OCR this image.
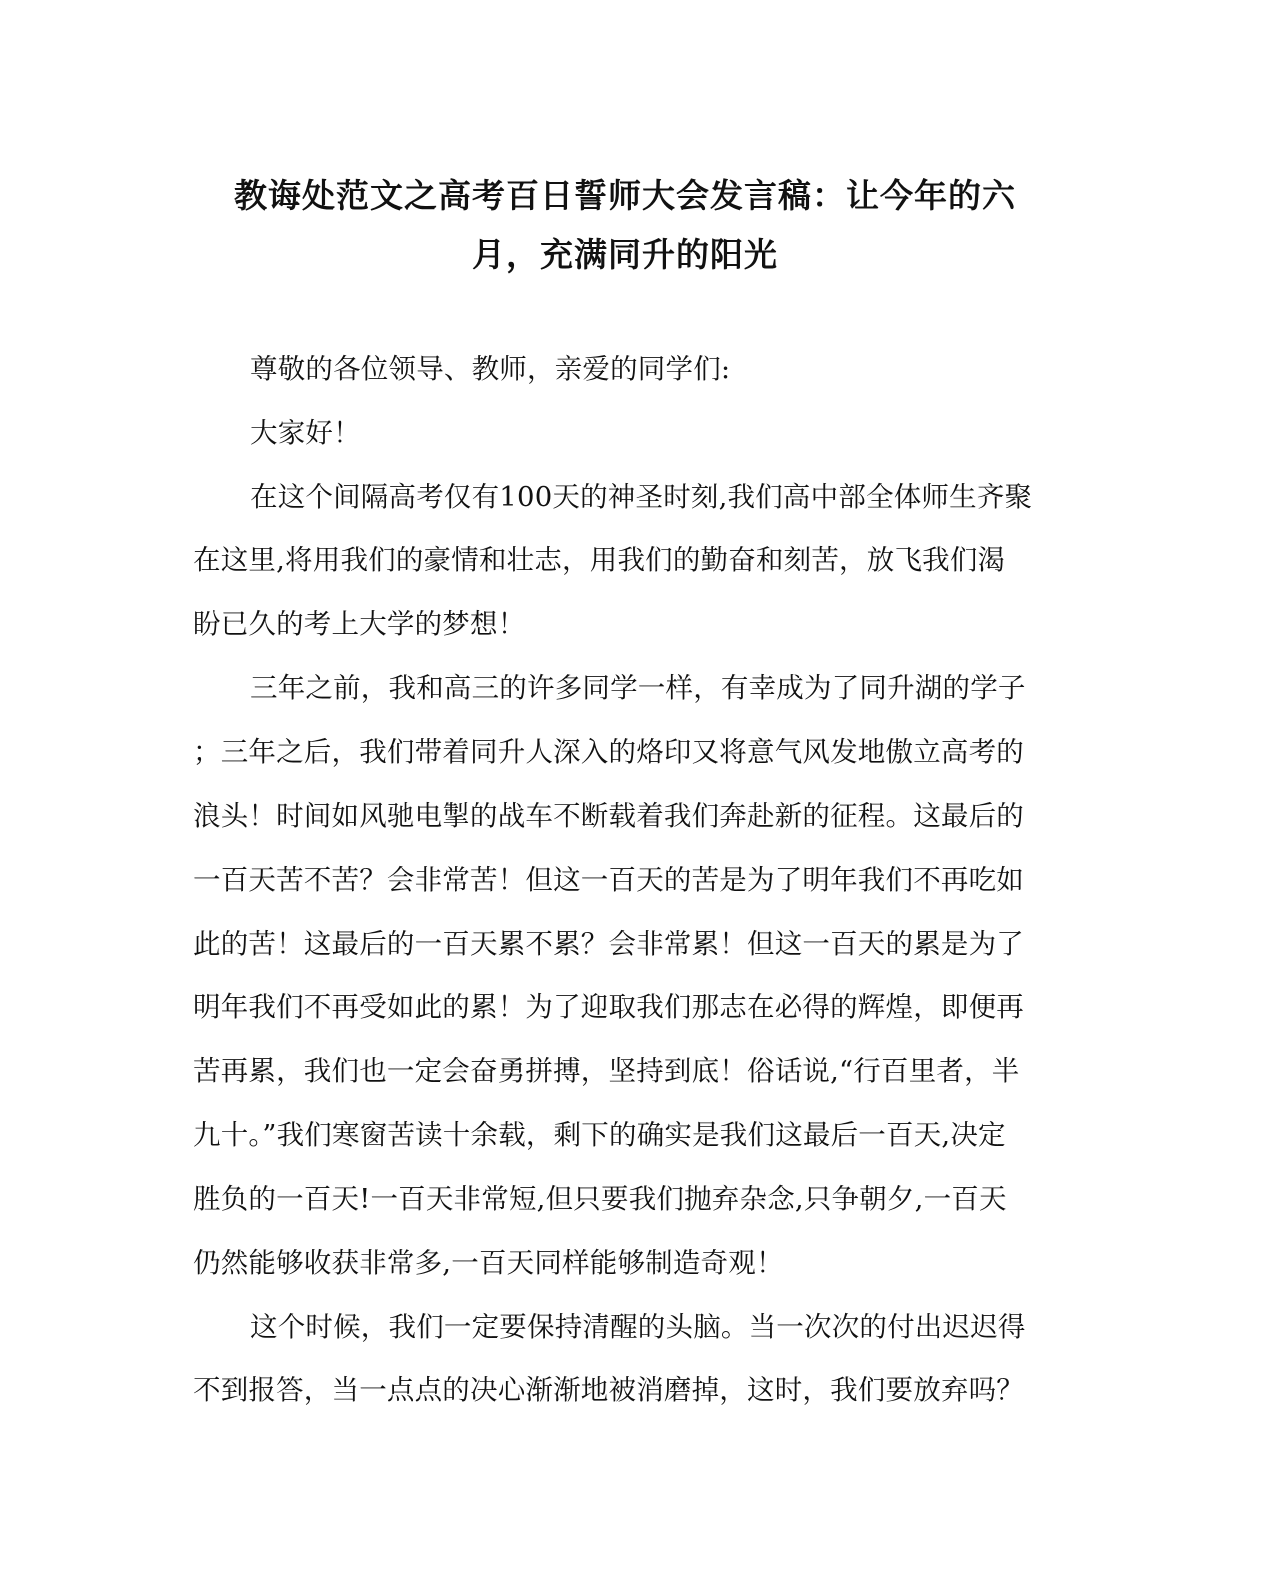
教诲处范文之高考百日誓师大会发言稿：让今年的六
月，充满同升的阳光
尊敬的各位领导、教师，亲爱的同学们:
大家好！
在这个间隔高考仅有100天的神圣时刻,我们高中部全体师生齐聚
在这里,将用我们的豪情和壮志，用我们的勤奋和刻苦，放飞我们渴
盼已久的考上大学的梦想！
三年之前，我和高三的许多同学一样，有幸成为了同升湖的学子
；三年之后，我们带着同升人深入的烙印又将意气风发地傲立高考的
浪头！时间如风驰电掣的战车不断载着我们奔赴新的征程。这最后的
一百天苦不苦？会非常苦！但这一百天的苦是为了明年我们不再吃如
此的苦！这最后的一百天累不累？会非常累！但这一百天的累是为了
明年我们不再受如此的累！为了迎取我们那志在必得的辉煌，即便再
苦再累，我们也一定会奋勇拼搏，坚持到底！俗话说,“行百里者，半
九十。”我们寒窗苦读十余载，剩下的确实是我们这最后一百天,决定
胜负的一百天!一百天非常短,但只要我们抛弃杂念,只争朝夕,一百天
仍然能够收获非常多,一百天同样能够制造奇观！
这个时候，我们一定要保持清醒的头脑。当一次次的付出迟迟得
不到报答，当一点点的决心渐渐地被消磨掉，这时，我们要放弃吗？
